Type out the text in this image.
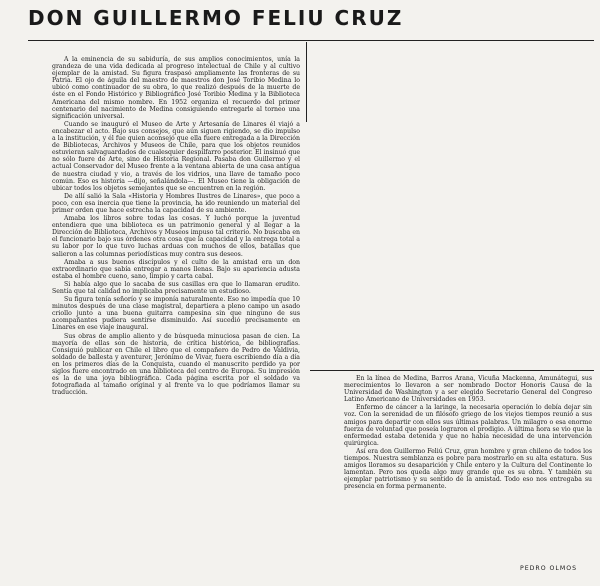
DON GUILLERMO FELIU CRUZ

A la eminencia de su sabiduría, de sus amplios conocimientos, unía la grandeza de una vida dedicada al progreso intelectual de Chile y al cultivo ejemplar de la amistad. Su figura traspasó ampliamente las fronteras de su Patria. El ojo de águila del maestro de maestros don José Toribio Medina lo ubicó como continuador de su obra, lo que realizó después de la muerte de éste en el Fondo Histórico y Bibliográfico José Toribio Medina y la Biblioteca Americana del mismo nombre. En 1952 organiza el recuerdo del primer centenario del nacimiento de Medina consiguiendo entregarle al torneo una significación universal.

Cuando se inauguró el Museo de Arte y Artesanía de Linares él viajó a encabezar el acto. Bajo sus consejos, que aún siguen rigiendo, se dio impulso a la institución, y él fue quien aconsejó que ella fuere entregada a la Dirección de Bibliotecas, Archivos y Museos de Chile, para que los objetos reunidos estuvieran salvaguardados de cualesquier despilfarro posterior. El insinuó que no sólo fuere de Arte, sino de Historia Regional. Pasaba don Guillermo y el actual Conservador del Museo frente a la ventana abierta de una casa antigua de nuestra ciudad y vio, a través de los vidrios, una llave de tamaño poco común. Eso es historia —dijo, señalándola—. El Museo tiene la obligación de ubicar todos los objetos semejantes que se encuentren en la región.

De allí salió la Sala «Historia y Hombres Ilustres de Linares», que poco a poco, con esa inercia que tiene la provincia, ha ido reuniendo un material del primer orden que hace estrecha la capacidad de su ambiente.

Amaba los libros sobre todas las cosas. Y luchó porque la juventud entendiera que una biblioteca es un patrimonio general y al llegar a la Dirección de Biblioteca, Archivos y Museos impuso tal criterio. No buscaba en el funcionario bajo sus órdenes otra cosa que la capacidad y la entrega total a su labor por lo que tuvo luchas arduas con muchos de ellos, batallas que salieron a las columnas periodísticas muy contra sus deseos.

Amaba a sus buenos discípulos y el culto de la amistad era un don extraordinario que sabía entregar a manos llenas. Bajo su apariencia adusta estaba el hombre cueno, sano, limpio y carta cabal.

Si había algo que lo sacaba de sus casillas era que lo llamaran erudito. Sentía que tal calidad no implicaba precisamente un estudioso.

Su figura tenía señorío y se imponía naturalmente. Eso no impedía que 10 minutos después de una clase magistral, departiera a pleno campo un asado criollo junto a una buena guitarra campesina sin que ninguno de sus acompañantes pudiera sentirse disminuido. Así sucedió precisamente en Linares en ese viaje inaugural.

Sus obras de amplio aliento y de búsqueda minuciosa pasan de cien. La mayoría de ellas son de historia, de crítica histórica, de bibliografías. Consiguió publicar en Chile el libro que el compañero de Pedro de Valdivia, soldado de ballesta y aventurer, Jerónimo de Vivar, fuera escribiendo día a día en los primeros días de la Conquista, cuando el manuscrito perdido ya por siglos fuere encontrado en una biblioteca del centro de Europa. Su impresión es la de una joya bibliográfica. Cada página escrita por el soldado va fotografiada al tamaño original y al frente va lo que podríamos llamar su traducción.

En la línea de Medina, Barros Arana, Vicuña Mackenna, Amunátegui, sus merecimientos lo llevaron a ser nombrado Doctor Honoris Causa de la Universidad de Washington y a ser elegido Secretario General del Congreso Latino Americano de Universidades en 1953.

Enfermo de cáncer a la laringe, la necesaria operación lo debía dejar sin voz. Con la serenidad de un filósofo griego de los viejos tiempos reunió a sus amigos para departir con ellos sus últimas palabras. Un milagro o esa enorme fuerza de voluntad que poseía lograron el prodigio. A última hora se vio que la enfermedad estaba detenida y que no había necesidad de una intervención quirúrgica.

Así era don Guillermo Feliú Cruz, gran hombre y gran chileno de todos los tiempos. Nuestra semblanza es pobre para mostrarlo en su alta estatura. Sus amigos lloramos su desaparición y Chile entero y la Cultura del Continente lo lamentan. Pero nos queda algo muy grande que es su obra. Y también su ejemplar patriotismo y su sentido de la amistad. Todo eso nos entregaba su presencia en forma permanente.

PEDRO OLMOS
